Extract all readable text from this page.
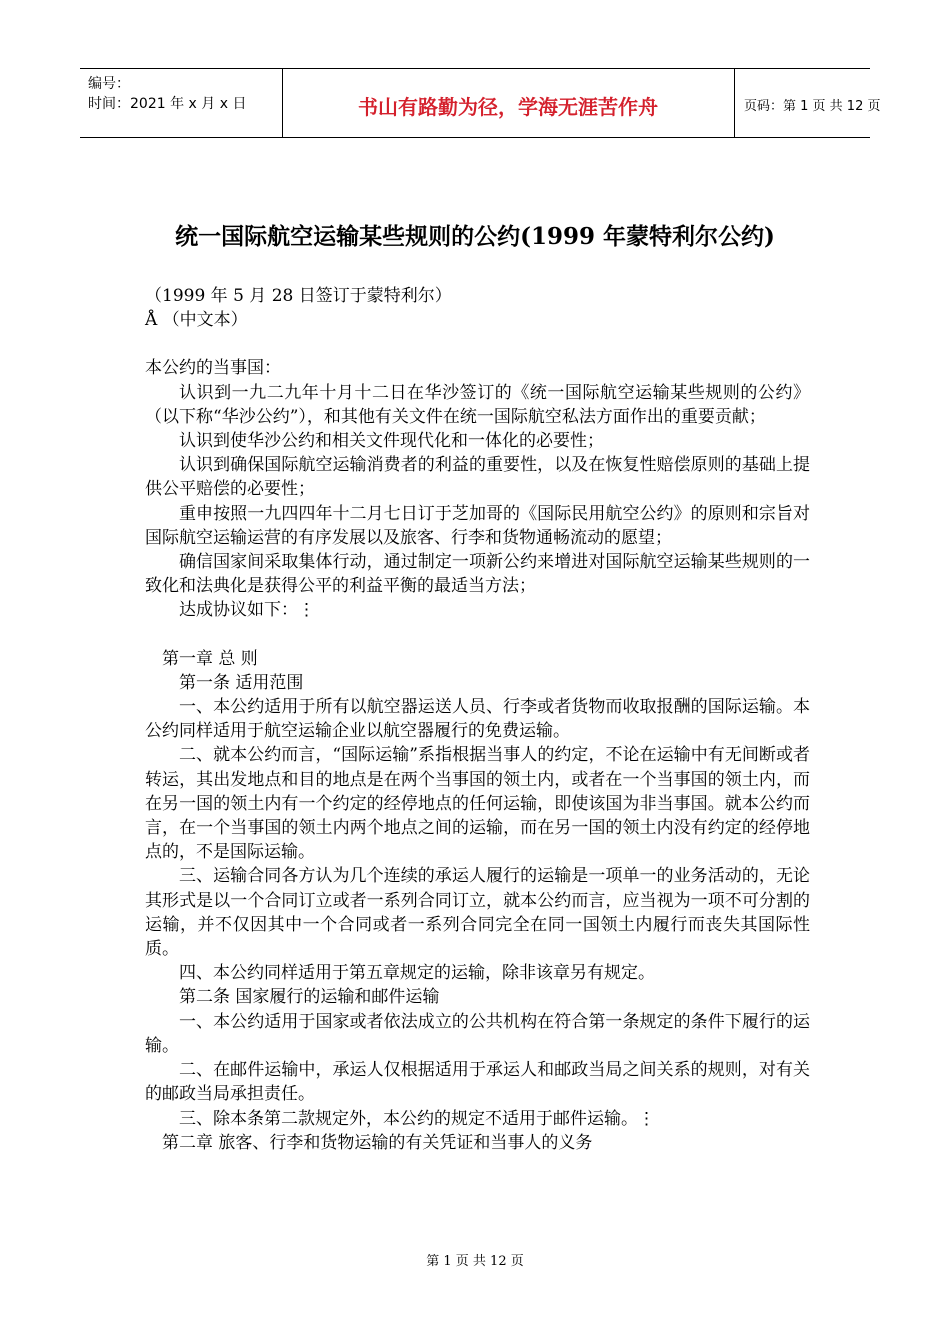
编号：
时间：2021 年 x 月 x 日	书山有路勤为径，学海无涯苦作舟	页码：第 1 页 共 12 页
统一国际航空运输某些规则的公约(1999 年蒙特利尔公约)

（1999 年 5 月 28 日签订于蒙特利尔）

Å （中文本）

本公约的当事国：

认识到一九二九年十月十二日在华沙签订的《统一国际航空运输某些规则的公约》（以下称“华沙公约”），和其他有关文件在统一国际航空私法方面作出的重要贡献；

认识到使华沙公约和相关文件现代化和一体化的必要性；

认识到确保国际航空运输消费者的利益的重要性，以及在恢复性赔偿原则的基础上提供公平赔偿的必要性；

重申按照一九四四年十二月七日订于芝加哥的《国际民用航空公约》的原则和宗旨对国际航空运输运营的有序发展以及旅客、行李和货物通畅流动的愿望；

确信国家间采取集体行动，通过制定一项新公约来增进对国际航空运输某些规则的一致化和法典化是获得公平的利益平衡的最适当方法；

达成协议如下：⋮

第一章 总 则

第一条 适用范围

一、本公约适用于所有以航空器运送人员、行李或者货物而收取报酬的国际运输。本公约同样适用于航空运输企业以航空器履行的免费运输。

二、就本公约而言，“国际运输”系指根据当事人的约定，不论在运输中有无间断或者转运，其出发地点和目的地点是在两个当事国的领土内，或者在一个当事国的领土内，而在另一国的领土内有一个约定的经停地点的任何运输，即使该国为非当事国。就本公约而言，在一个当事国的领土内两个地点之间的运输，而在另一国的领土内没有约定的经停地点的，不是国际运输。

三、运输合同各方认为几个连续的承运人履行的运输是一项单一的业务活动的，无论其形式是以一个合同订立或者一系列合同订立，就本公约而言，应当视为一项不可分割的运输，并不仅因其中一个合同或者一系列合同完全在同一国领土内履行而丧失其国际性质。

四、本公约同样适用于第五章规定的运输，除非该章另有规定。

第二条 国家履行的运输和邮件运输

一、本公约适用于国家或者依法成立的公共机构在符合第一条规定的条件下履行的运输。

二、在邮件运输中，承运人仅根据适用于承运人和邮政当局之间关系的规则，对有关的邮政当局承担责任。

三、除本条第二款规定外，本公约的规定不适用于邮件运输。⋮

第二章 旅客、行李和货物运输的有关凭证和当事人的义务

第 1 页 共 12 页
